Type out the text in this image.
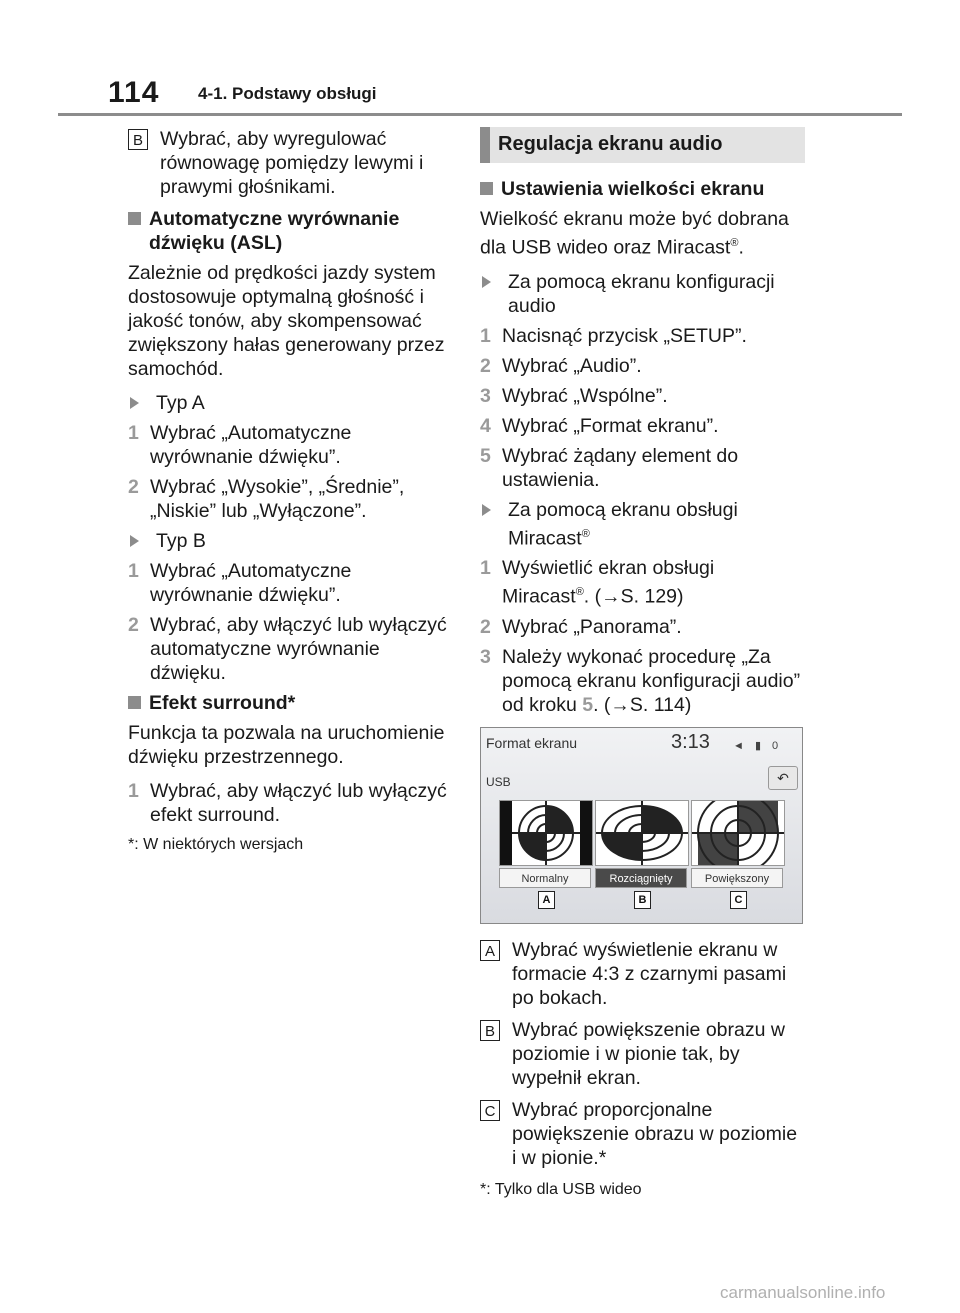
114 4-1. Podstawy obsługi
B Wybrać, aby wyregulować równowagę pomiędzy lewymi i prawymi głośnikami.
Automatyczne wyrównanie dźwięku (ASL)
Zależnie od prędkości jazdy system dostosowuje optymalną głośność i jakość tonów, aby skompensować zwiększony hałas generowany przez samochód.
Typ A
1 Wybrać „Automatyczne wyrównanie dźwięku”.
2 Wybrać „Wysokie”, „Średnie”, „Niskie” lub „Wyłączone”.
Typ B
1 Wybrać „Automatyczne wyrównanie dźwięku”.
2 Wybrać, aby włączyć lub wyłączyć automatyczne wyrównanie dźwięku.
Efekt surround*
Funkcja ta pozwala na uruchomienie dźwięku przestrzennego.
1 Wybrać, aby włączyć lub wyłączyć efekt surround.
*: W niektórych wersjach
Regulacja ekranu audio
Ustawienia wielkości ekranu
Wielkość ekranu może być dobrana dla USB wideo oraz Miracast®.
Za pomocą ekranu konfiguracji audio
1 Nacisnąć przycisk „SETUP”.
2 Wybrać „Audio”.
3 Wybrać „Wspólne”.
4 Wybrać „Format ekranu”.
5 Wybrać żądany element do ustawienia.
Za pomocą ekranu obsługi Miracast®
1 Wyświetlić ekran obsługi Miracast®. (→S. 129)
2 Wybrać „Panorama”.
3 Należy wykonać procedurę „Za pomocą ekranu konfiguracji audio” od kroku 5. (→S. 114)
Format ekranu	3:13 ◄ ▮ 0
USB	↶
Normalny	Rozciągnięty	Powiększony
A	B	C
A Wybrać wyświetlenie ekranu w formacie 4:3 z czarnymi pasami po bokach.
B Wybrać powiększenie obrazu w poziomie i w pionie tak, by wypełnił ekran.
C Wybrać proporcjonalne powiększenie obrazu w poziomie i w pionie.*
*: Tylko dla USB wideo
carmanualsonline.info
